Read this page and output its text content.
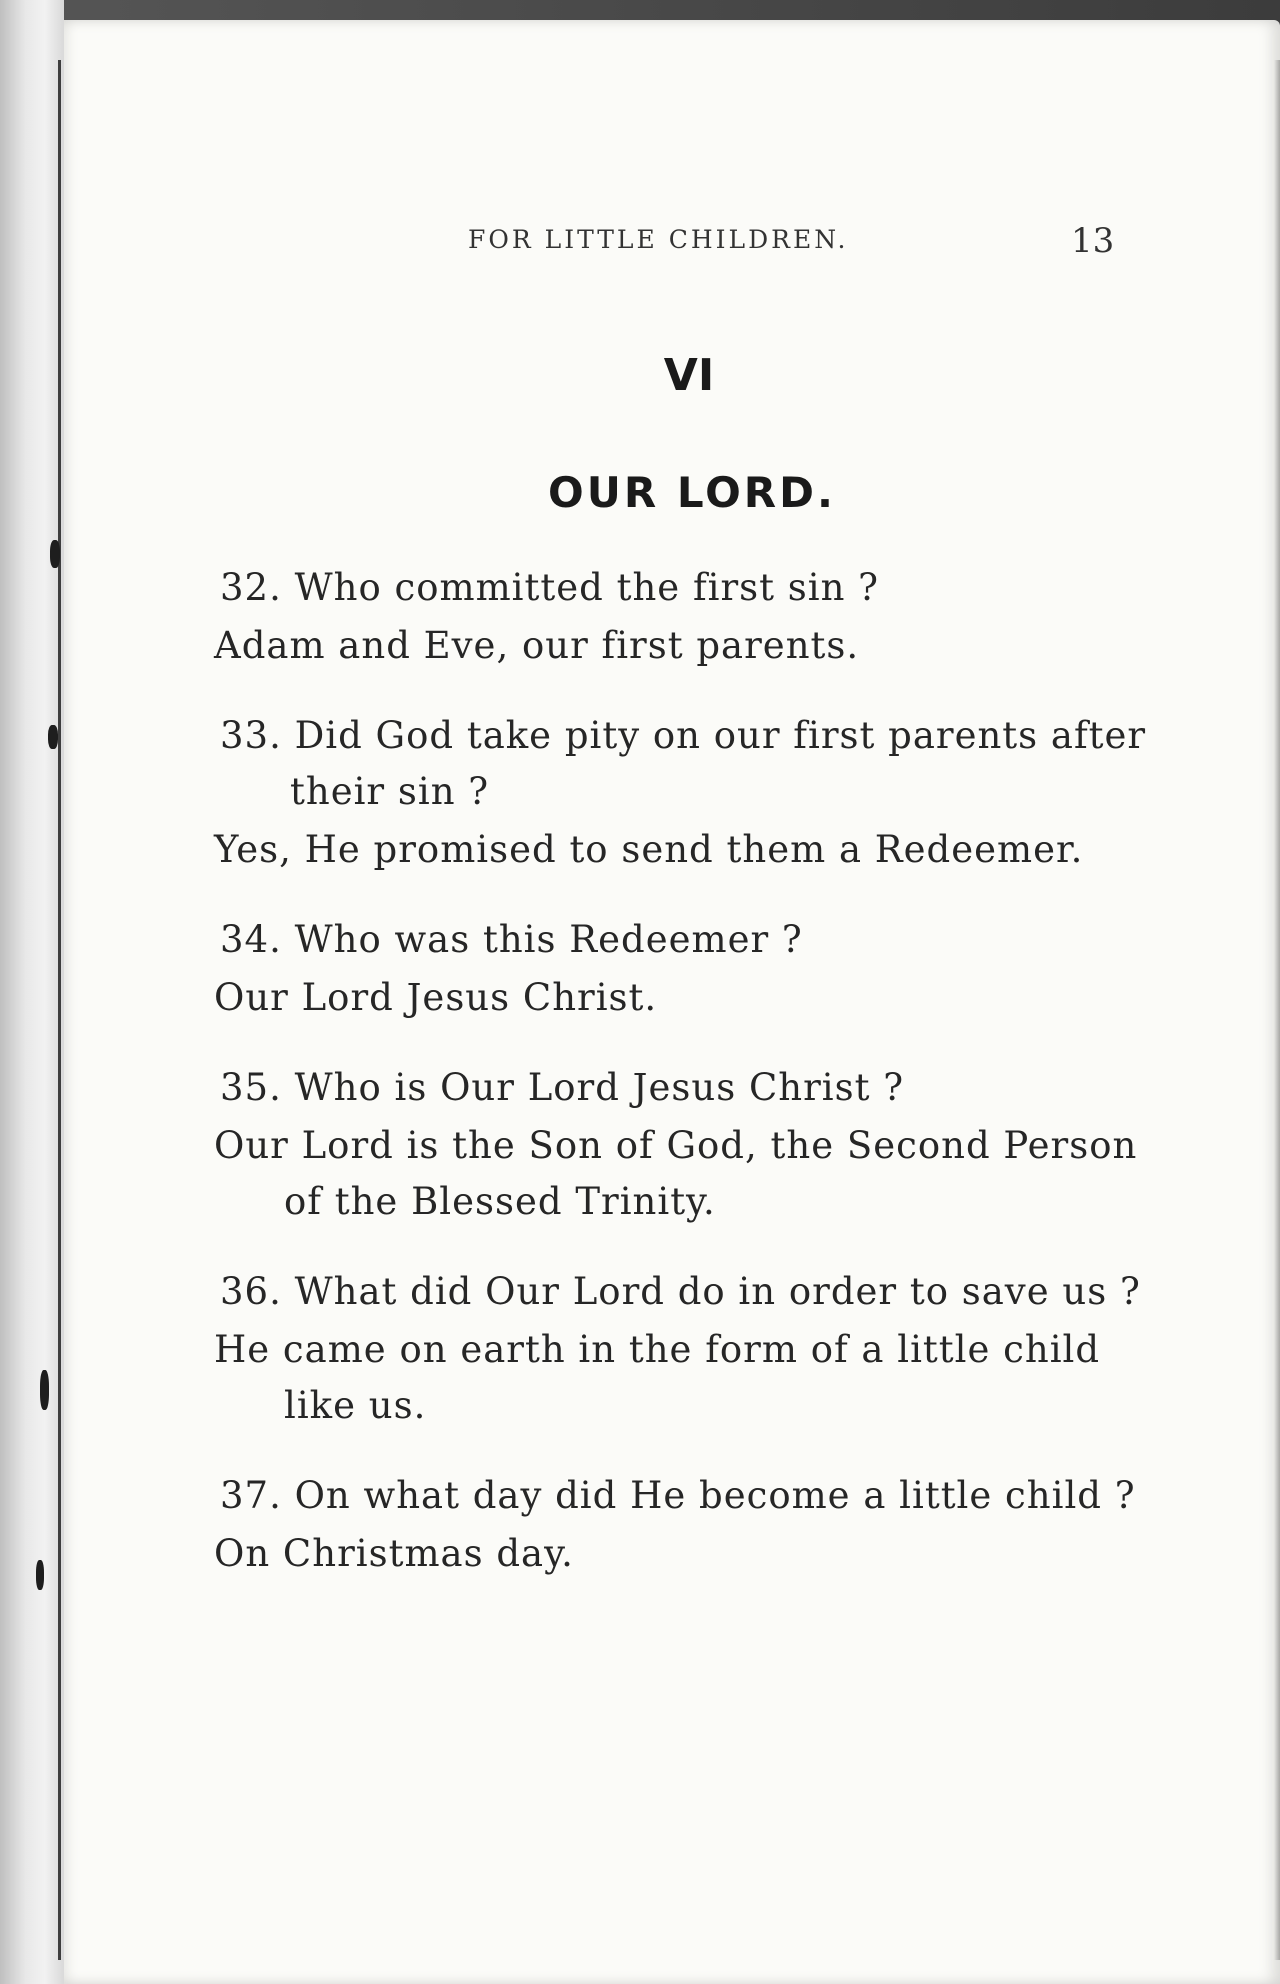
FOR LITTLE CHILDREN.	13
VI
OUR LORD.

32. Who committed the first sin ?

Adam and Eve, our first parents.

33. Did God take pity on our first parents after their sin ?

Yes, He promised to send them a Redeemer.

34. Who was this Redeemer ?

Our Lord Jesus Christ.

35. Who is Our Lord Jesus Christ ?

Our Lord is the Son of God, the Second Person of the Blessed Trinity.

36. What did Our Lord do in order to save us ?

He came on earth in the form of a little child like us.

37. On what day did He become a little child ?

On Christmas day.
